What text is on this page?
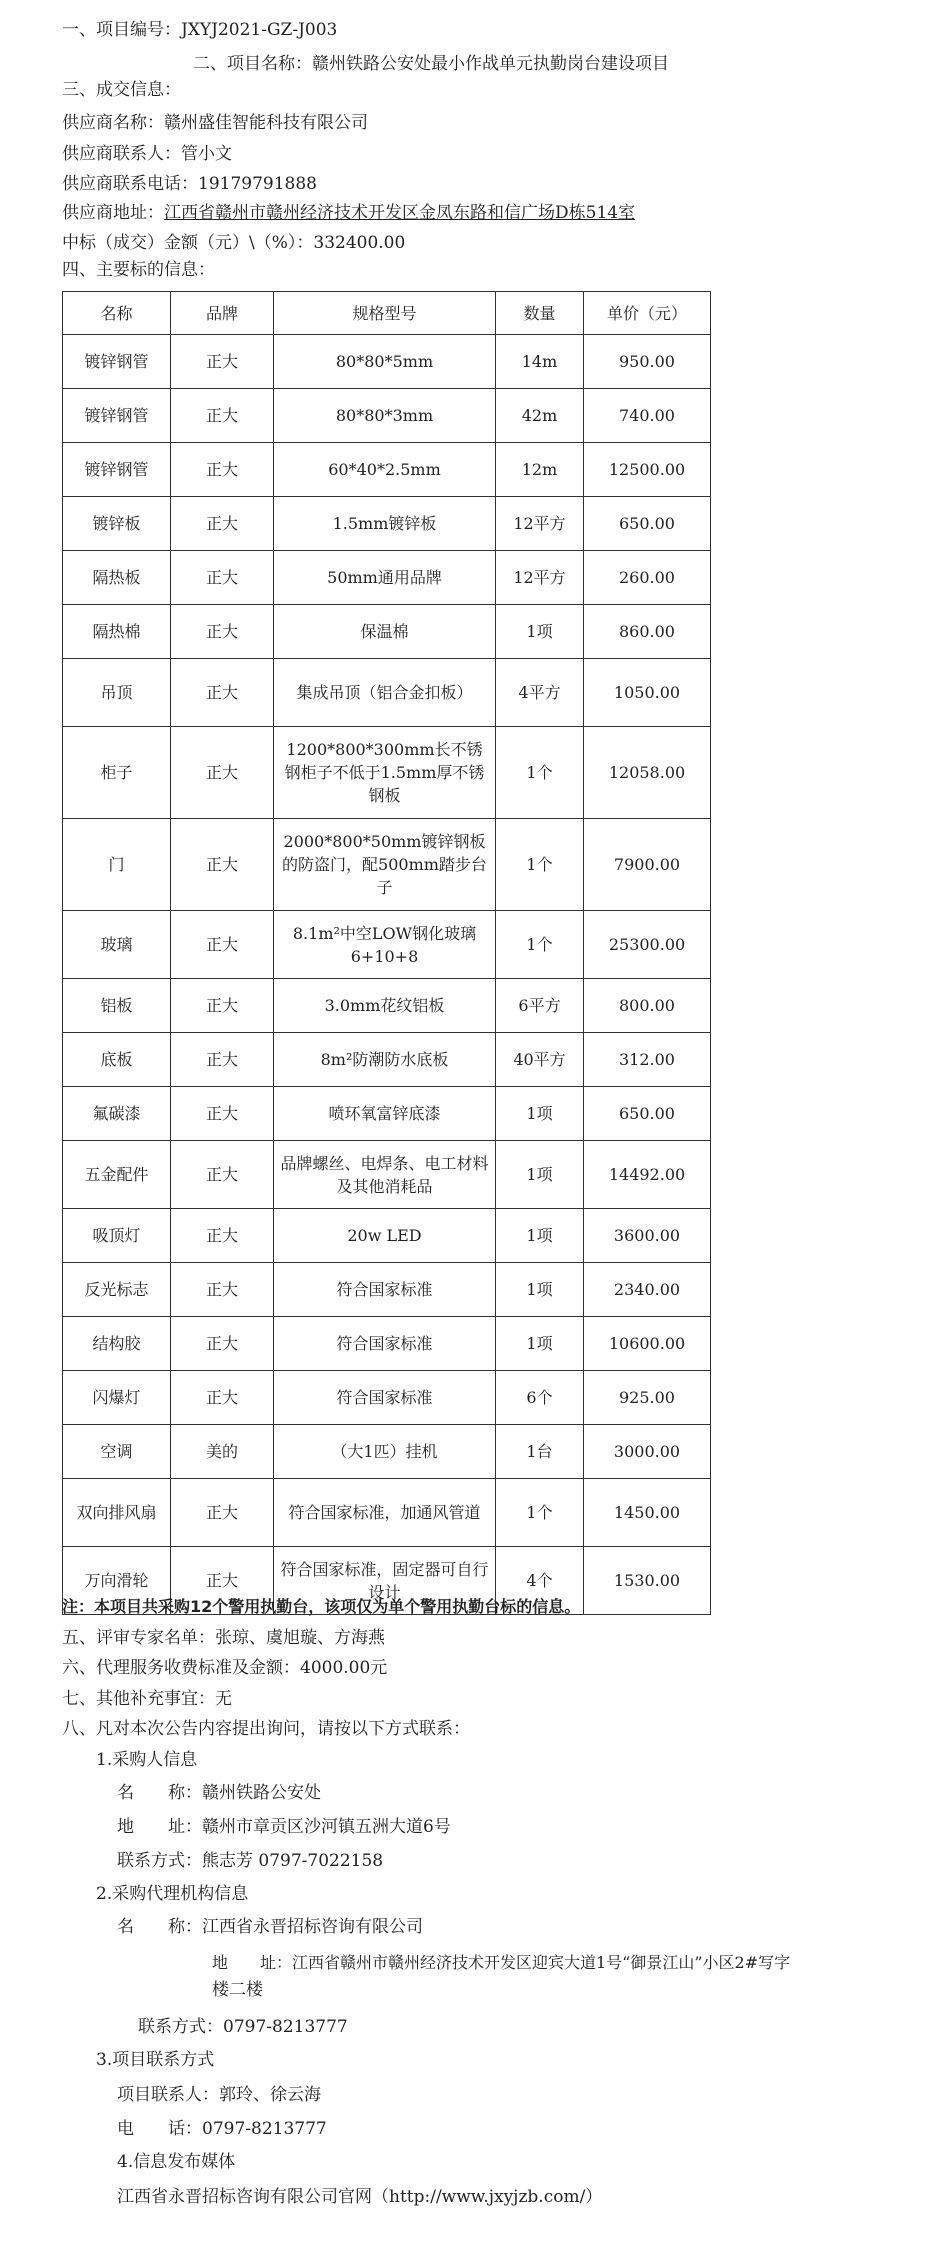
一、项目编号：JXYJ2021-GZ-J003
二、项目名称：赣州铁路公安处最小作战单元执勤岗台建设项目
三、成交信息：
供应商名称：赣州盛佳智能科技有限公司
供应商联系人：管小文
供应商联系电话：19179791888
供应商地址：江西省赣州市赣州经济技术开发区金凤东路和信广场D栋514室
中标（成交）金额（元）\（%）：332400.00
四、主要标的信息：
名称	品牌	规格型号	数量	单价（元）
镀锌钢管	正大	80*80*5mm	14m	950.00
镀锌钢管	正大	80*80*3mm	42m	740.00
镀锌钢管	正大	60*40*2.5mm	12m	12500.00
镀锌板	正大	1.5mm镀锌板	12平方	650.00
隔热板	正大	50mm通用品牌	12平方	260.00
隔热棉	正大	保温棉	1项	860.00
吊顶	正大	集成吊顶（铝合金扣板）	4平方	1050.00
柜子	正大	1200*800*300mm长不锈钢柜子不低于1.5mm厚不锈钢板	1个	12058.00
门	正大	2000*800*50mm镀锌钢板的防盗门，配500mm踏步台子	1个	7900.00
玻璃	正大	8.1m²中空LOW钢化玻璃6+10+8	1个	25300.00
铝板	正大	3.0mm花纹铝板	6平方	800.00
底板	正大	8m²防潮防水底板	40平方	312.00
氟碳漆	正大	喷环氧富锌底漆	1项	650.00
五金配件	正大	品牌螺丝、电焊条、电工材料及其他消耗品	1项	14492.00
吸顶灯	正大	20w LED	1项	3600.00
反光标志	正大	符合国家标准	1项	2340.00
结构胶	正大	符合国家标准	1项	10600.00
闪爆灯	正大	符合国家标准	6个	925.00
空调	美的	（大1匹）挂机	1台	3000.00
双向排风扇	正大	符合国家标准，加通风管道	1个	1450.00
万向滑轮	正大	符合国家标准，固定器可自行设计	4个	1530.00
注：本项目共采购12个警用执勤台，该项仅为单个警用执勤台标的信息。
五、评审专家名单：张琼、虞旭璇、方海燕
六、代理服务收费标准及金额：4000.00元
七、其他补充事宜：无
八、凡对本次公告内容提出询问，请按以下方式联系：
1.采购人信息
名　　称：赣州铁路公安处
地　　址：赣州市章贡区沙河镇五洲大道6号
联系方式：熊志芳 0797-7022158
2.采购代理机构信息
名　　称：江西省永晋招标咨询有限公司
地　　址：江西省赣州市赣州经济技术开发区迎宾大道1号“御景江山”小区2#写字
楼二楼
联系方式：0797-8213777
3.项目联系方式
项目联系人：郭玲、徐云海
电　　话：0797-8213777
4.信息发布媒体
江西省永晋招标咨询有限公司官网（http://www.jxyjzb.com/）
